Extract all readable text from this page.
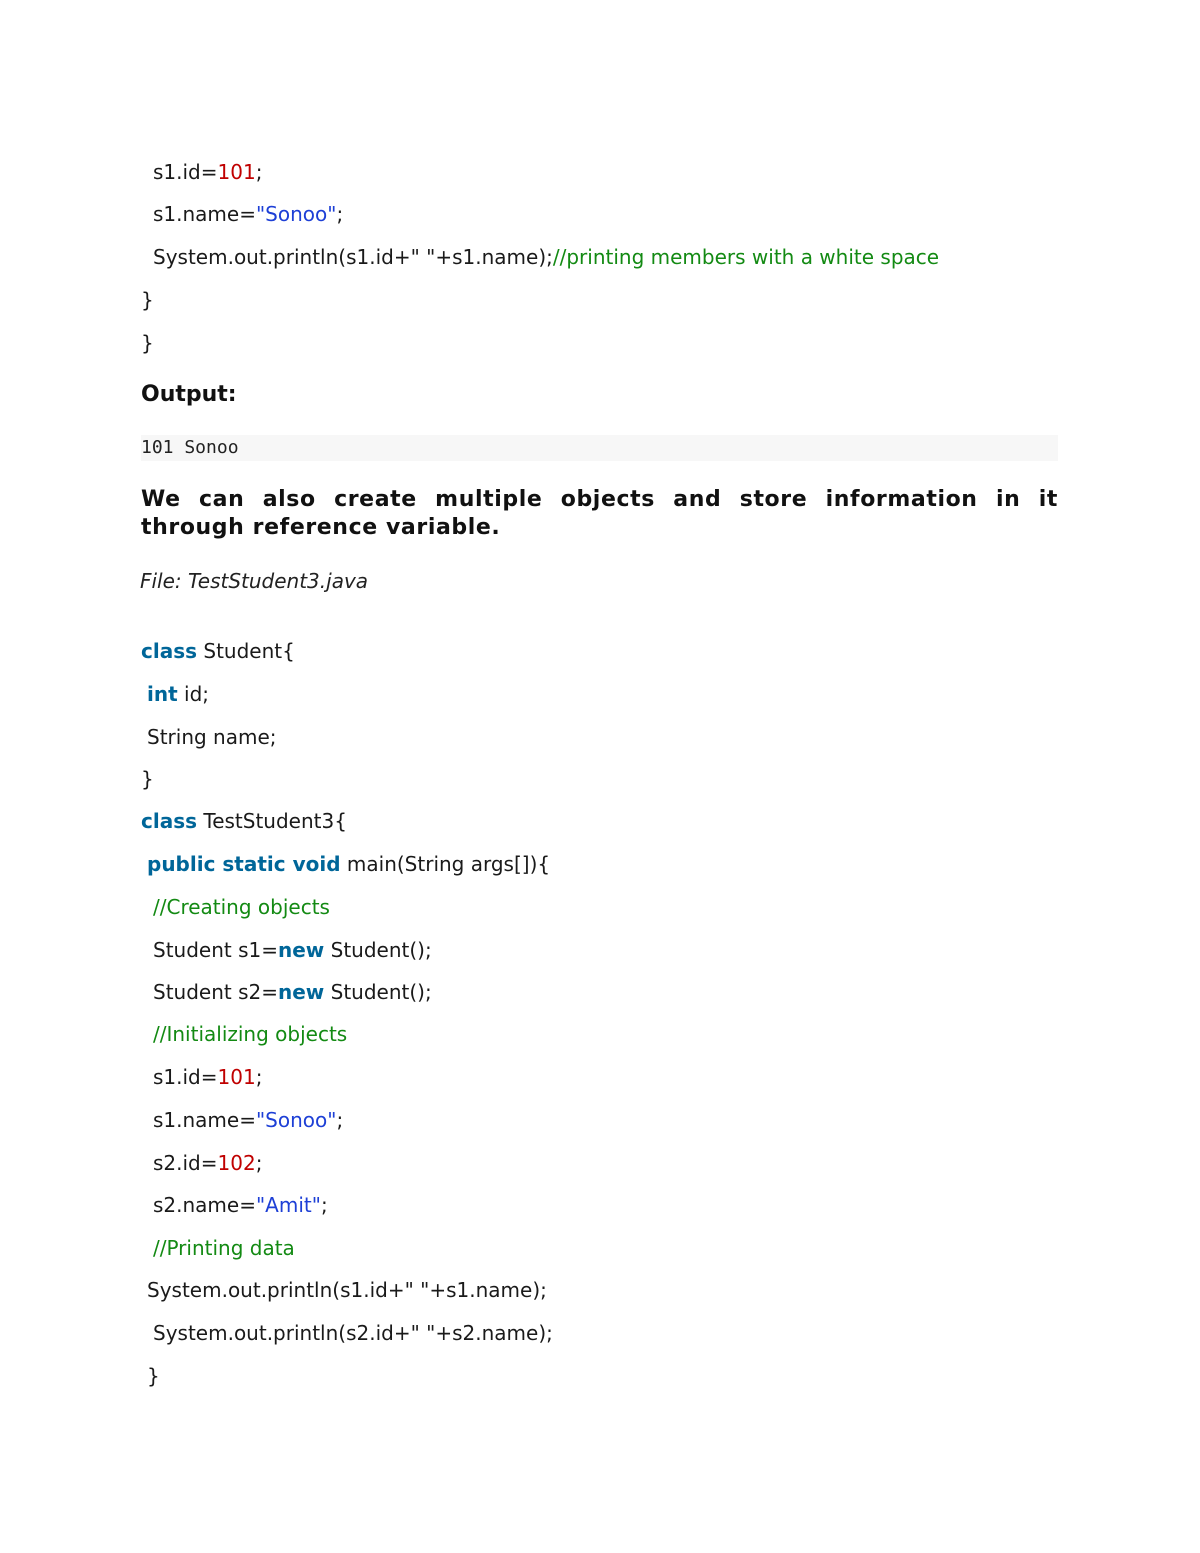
s1.id=101;
s1.name="Sonoo";
System.out.println(s1.id+" "+s1.name);//printing members with a white space
}
}
Output:
101 Sonoo
We can also create multiple objects and store information in it through reference variable.
File: TestStudent3.java
class Student{
int id;
String name;
}
class TestStudent3{
public static void main(String args[]){
//Creating objects
Student s1=new Student();
Student s2=new Student();
//Initializing objects
s1.id=101;
s1.name="Sonoo";
s2.id=102;
s2.name="Amit";
//Printing data
System.out.println(s1.id+" "+s1.name);
System.out.println(s2.id+" "+s2.name);
}
